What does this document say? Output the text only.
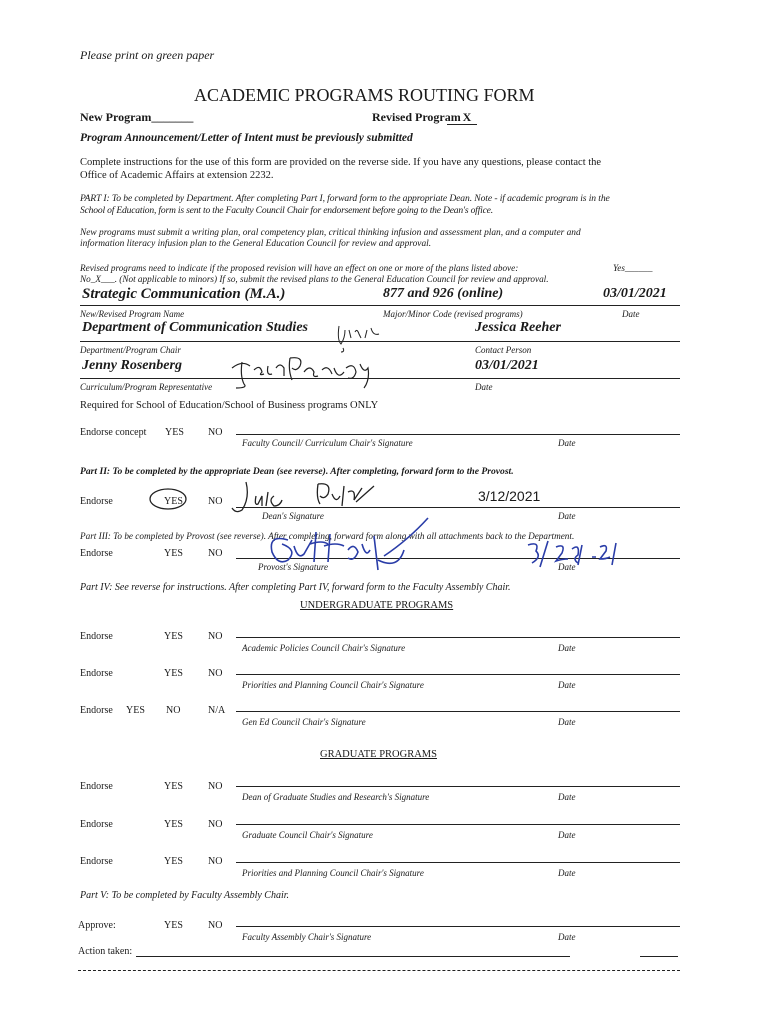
Please print on green paper
ACADEMIC PROGRAMS ROUTING FORM
New Program_______	Revised Program X
Program Announcement/Letter of Intent must be previously submitted
Complete instructions for the use of this form are provided on the reverse side. If you have any questions, please contact the
Office of Academic Affairs at extension 2232.
PART I: To be completed by Department. After completing Part I, forward form to the appropriate Dean. Note - if academic program is in the
School of Education, form is sent to the Faculty Council Chair for endorsement before going to the Dean's office.
New programs must submit a writing plan, oral competency plan, critical thinking infusion and assessment plan, and a computer and
information literacy infusion plan to the General Education Council for review and approval.
Revised programs need to indicate if the proposed revision will have an effect on one or more of the plans listed above:	Yes______
No_X___. (Not applicable to minors) If so, submit the revised plans to the General Education Council for review and approval.
Strategic Communication (M.A.)	877 and 926 (online)	03/01/2021
New/Revised Program Name	Major/Minor Code (revised programs)	Date
Department of Communication Studies	Jessica Reeher
Department/Program Chair	Contact Person
Jenny Rosenberg	03/01/2021
Curriculum/Program Representative	Date
Required for School of Education/School of Business programs ONLY
Endorse concept YES NO
Faculty Council/ Curriculum Chair's Signature	Date
Part II: To be completed by the appropriate Dean (see reverse). After completing, forward form to the Provost.
Endorse	YES	NO	3/12/2021
Dean's Signature	Date
Part III: To be completed by Provost (see reverse). After completing, forward form along with all attachments back to the Department.
Endorse	YES	NO
Provost's Signature	Date
Part IV: See reverse for instructions. After completing Part IV, forward form to the Faculty Assembly Chair.
UNDERGRADUATE PROGRAMS
Endorse	YES	NO
Academic Policies Council Chair's Signature	Date
Endorse	YES	NO
Priorities and Planning Council Chair's Signature	Date
Endorse YES NO	N/A
Gen Ed Council Chair's Signature	Date
GRADUATE PROGRAMS
Endorse	YES	NO
Dean of Graduate Studies and Research's Signature	Date
Endorse	YES	NO
Graduate Council Chair's Signature	Date
Endorse	YES	NO
Priorities and Planning Council Chair's Signature	Date
Part V: To be completed by Faculty Assembly Chair.
Approve:	YES	NO
Faculty Assembly Chair's Signature	Date
Action taken:
